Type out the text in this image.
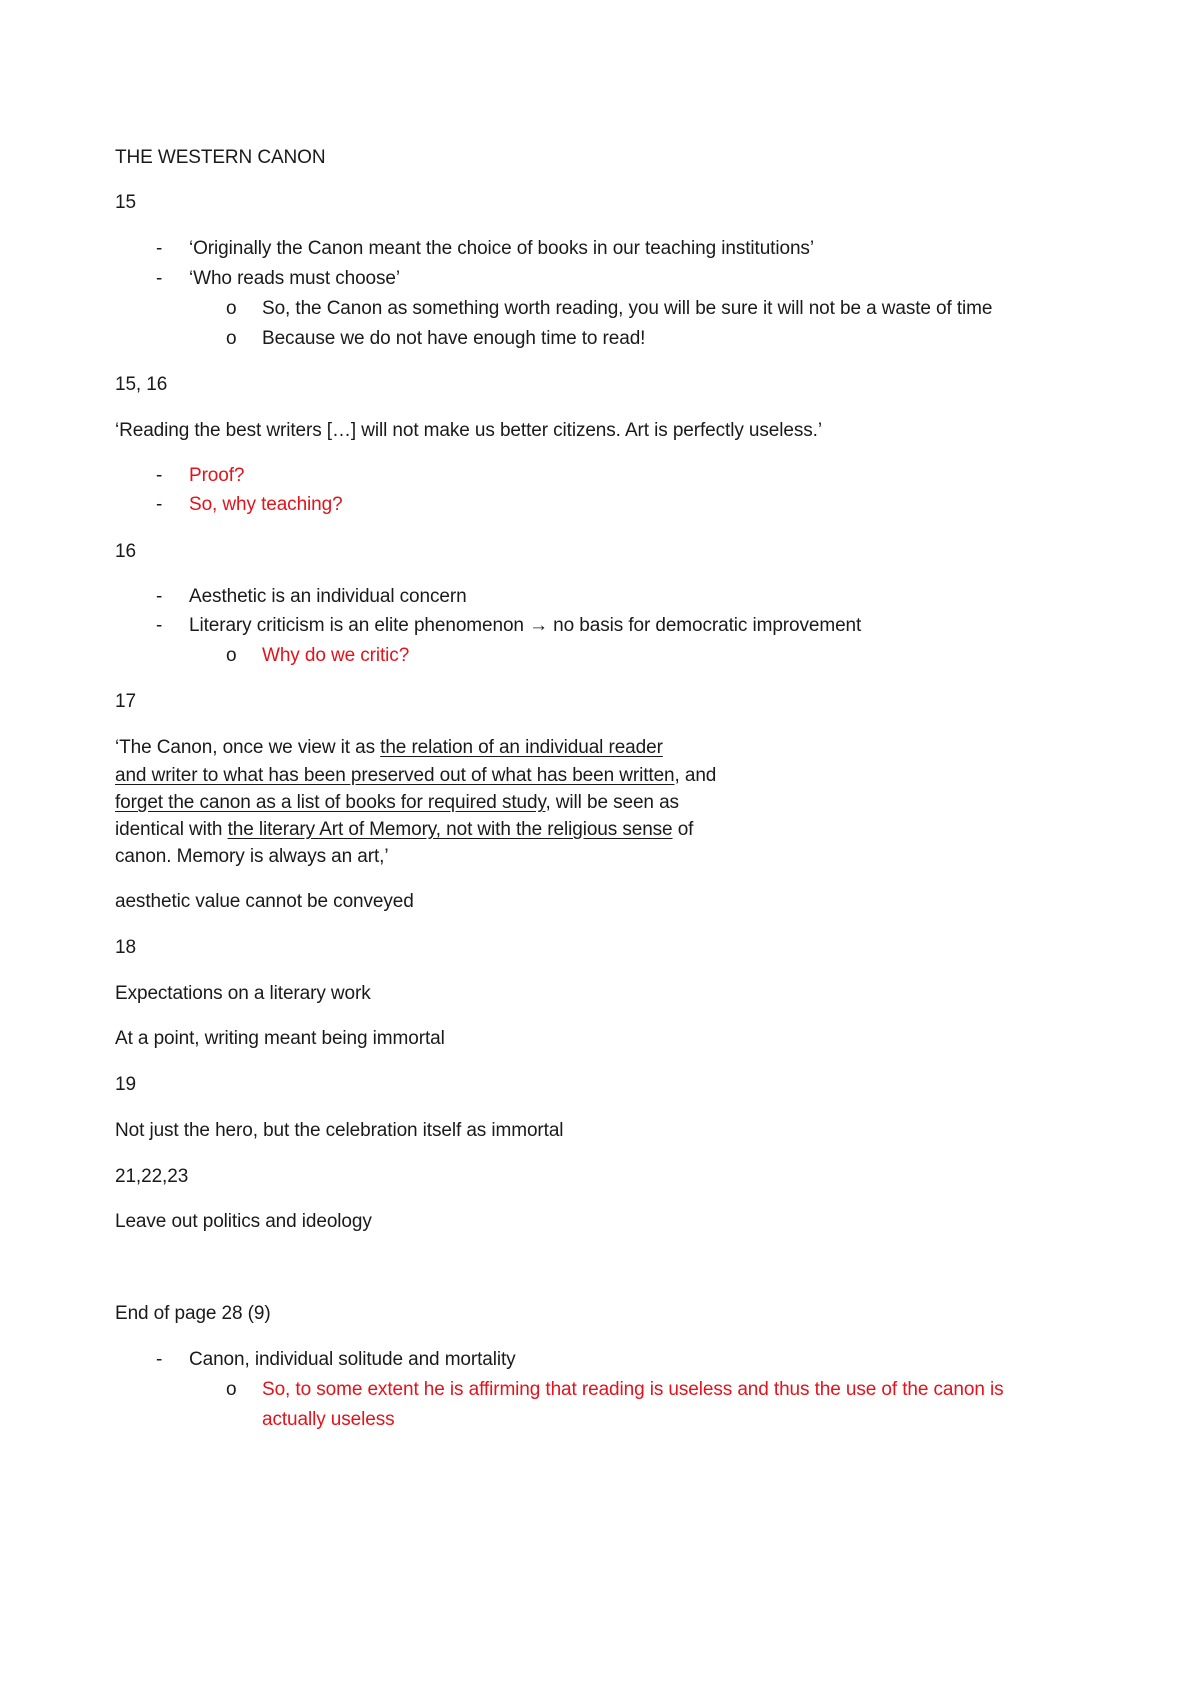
THE WESTERN CANON
15
- ‘Originally the Canon meant the choice of books in our teaching institutions’
- ‘Who reads must choose’
o So, the Canon as something worth reading, you will be sure it will not be a waste of time
o Because we do not have enough time to read!
15, 16
‘Reading the best writers […] will not make us better citizens. Art is perfectly useless.’
- Proof?
- So, why teaching?
16
- Aesthetic is an individual concern
- Literary criticism is an elite phenomenon → no basis for democratic improvement
o Why do we critic?
17
‘The Canon, once we view it as the relation of an individual reader
and writer to what has been preserved out of what has been written, and
forget the canon as a list of books for required study, will be seen as
identical with the literary Art of Memory, not with the religious sense of
canon. Memory is always an art,’
aesthetic value cannot be conveyed
18
Expectations on a literary work
At a point, writing meant being immortal
19
Not just the hero, but the celebration itself as immortal
21,22,23
Leave out politics and ideology
End of page 28 (9)
- Canon, individual solitude and mortality
o So, to some extent he is affirming that reading is useless and thus the use of the canon is
actually useless
